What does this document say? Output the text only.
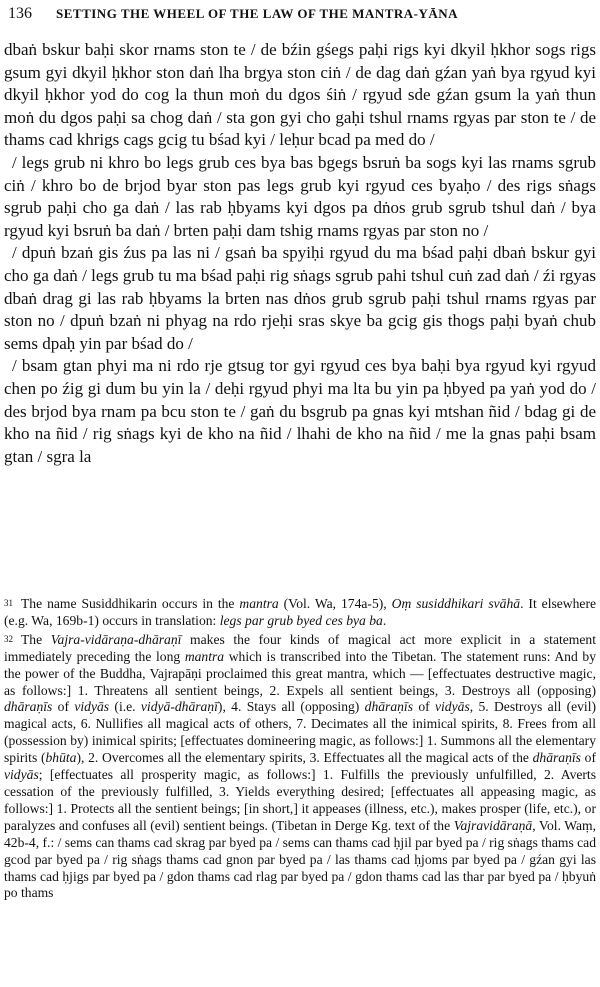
136 SETTING THE WHEEL OF THE LAW OF THE MANTRA-YĀNA

dbaṅ bskur baḥi skor rnams ston te / de bźin gśegs paḥi rigs kyi dkyil ḥkhor sogs rigs gsum gyi dkyil ḥkhor ston daṅ lha brgya ston ciṅ / de dag daṅ gźan yaṅ bya rgyud kyi dkyil ḥkhor yod do cog la thun moṅ du dgos śiṅ / rgyud sde gźan gsum la yaṅ thun moṅ du dgos paḥi sa chog daṅ / sta gon gyi cho gaḥi tshul rnams rgyas par ston te / de thams cad khrigs cags gcig tu bśad kyi / leḥur bcad pa med do /

/ legs grub ni khro bo legs grub ces bya bas bgegs bsruṅ ba sogs kyi las rnams sgrub ciṅ / khro bo de brjod byar ston pas legs grub kyi rgyud ces byaḥo / des rigs sṅags sgrub paḥi cho ga daṅ / las rab ḥbyams kyi dgos pa dṅos grub sgrub tshul daṅ / bya rgyud kyi bsruṅ ba daṅ / brten paḥi dam tshig rnams rgyas par ston no /

/ dpuṅ bzaṅ gis źus pa las ni / gsaṅ ba spyiḥi rgyud du ma bśad paḥi dbaṅ bskur gyi cho ga daṅ / legs grub tu ma bśad paḥi rig sṅags sgrub pahi tshul cuṅ zad daṅ / źi rgyas dbaṅ drag gi las rab ḥbyams la brten nas dṅos grub sgrub paḥi tshul rnams rgyas par ston no / dpuṅ bzaṅ ni phyag na rdo rjeḥi sras skye ba gcig gis thogs paḥi byaṅ chub sems dpaḥ yin par bśad do /

/ bsam gtan phyi ma ni rdo rje gtsug tor gyi rgyud ces bya baḥi bya rgyud kyi rgyud chen po źig gi dum bu yin la / deḥi rgyud phyi ma lta bu yin pa ḥbyed pa yaṅ yod do / des brjod bya rnam pa bcu ston te / gaṅ du bsgrub pa gnas kyi mtshan ñid / bdag gi de kho na ñid / rig sṅags kyi de kho na ñid / lhahi de kho na ñid / me la gnas paḥi bsam gtan / sgra la

$^{31}$ The name Susiddhikarin occurs in the mantra (Vol. Wa, 174a-5), Oṃ susiddhikari svāhā. It elsewhere (e.g. Wa, 169b-1) occurs in translation: legs par grub byed ces bya ba.

$^{32}$ The Vajra-vidāraṇa-dhāraṇī makes the four kinds of magical act more explicit in a statement immediately preceding the long mantra which is transcribed into the Tibetan. The statement runs: And by the power of the Buddha, Vajrapāṇi proclaimed this great mantra, which — [effectuates destructive magic, as follows:] 1. Threatens all sentient beings, 2. Expels all sentient beings, 3. Destroys all (opposing) dhāraṇīs of vidyās (i.e. vidyā-dhāraṇī), 4. Stays all (opposing) dhāraṇīs of vidyās, 5. Destroys all (evil) magical acts, 6. Nullifies all magical acts of others, 7. Decimates all the inimical spirits, 8. Frees from all (possession by) inimical spirits; [effectuates domineering magic, as follows:] 1. Summons all the elementary spirits (bhūta), 2. Overcomes all the elementary spirits, 3. Effectuates all the magical acts of the dhāraṇīs of vidyās; [effectuates all prosperity magic, as follows:] 1. Fulfills the previously unfulfilled, 2. Averts cessation of the previously fulfilled, 3. Yields everything desired; [effectuates all appeasing magic, as follows:] 1. Protects all the sentient beings; [in short,] it appeases (illness, etc.), makes prosper (life, etc.), or paralyzes and confuses all (evil) sentient beings. (Tibetan in Derge Kg. text of the Vajravidāraṇā, Vol. Waṃ, 42b-4, f.: / sems can thams cad skrag par byed pa / sems can thams cad ḥjil par byed pa / rig sṅags thams cad gcod par byed pa / rig sṅags thams cad gnon par byed pa / las thams cad ḥjoms par byed pa / gźan gyi las thams cad ḥjigs par byed pa / gdon thams cad rlag par byed pa / gdon thams cad las thar par byed pa / ḥbyuṅ po thams
